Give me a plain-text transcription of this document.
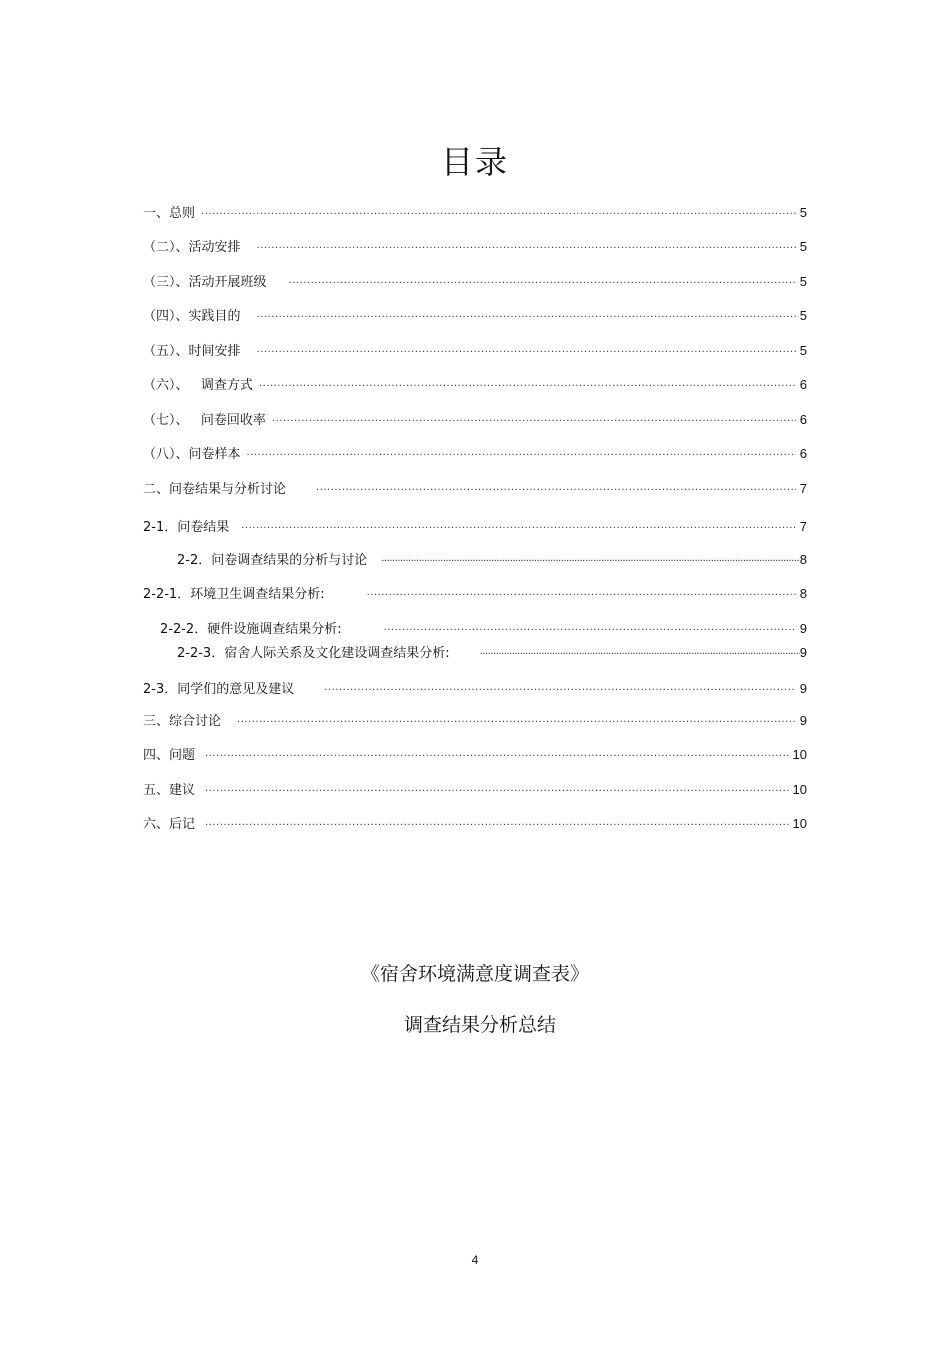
目录
一、总则 ·····	5
（二）、活动安排 ·····	5
（三）、活动开展班级 ·····	5
（四）、实践目的 ·····	5
（五）、时间安排 ·····	5
（六）、   调查方式 ·····	6
（七）、   问卷回收率 ·····	6
（八）、问卷样本 ·····	6
二、问卷结果与分析讨论 ·····	7
2-1．问卷结果 ·····	7
2-2．问卷调查结果的分析与讨论 ·····	8
2-2-1．环境卫生调查结果分析: ·····	8
2-2-2．硬件设施调查结果分析: ·····	9
2-2-3．宿舍人际关系及文化建设调查结果分析: ·····	9
2-3．同学们的意见及建议 ·····	9
三、综合讨论 ·····	9
四、问题 ·····	10
五、建议 ·····	10
六、后记 ·····	10
《宿舍环境满意度调查表》
调查结果分析总结
4
